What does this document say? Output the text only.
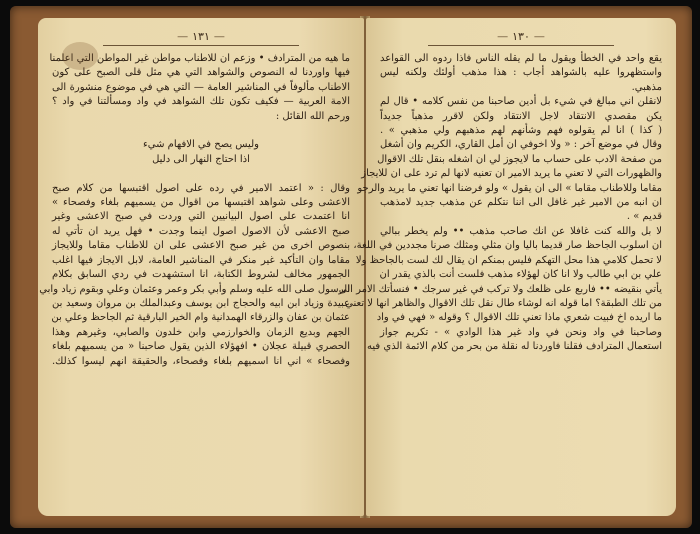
— ١٣١ —
ما هيه من المترادف • وزعم ان للاطناب مواطن غير المواطن التي اعلمنا
فيها واوردنا له النصوص والشواهد التي هي مثل قلى الصبح على كون
الاطناب مألوفاً في المناشير العامة — التي هي في موضوع منشورة الى
الامة العربية — فكيف تكون تلك الشواهد في واد ومسألتنا في واد ؟
ورحم الله القائل :

وليس يصح في الافهام شيء
اذا احتاج النهار الى دليل

وقال : « اعتمد الامير في رده على اصول اقتبسها من كلام صبح
الاعشى وعلى شواهد اقتبسها من اقوال من يسميهم بلغاء وفصحاء »
انا اعتمدت على اصول البيانيين التي وردت في صبح الاعشى وغير
صبح الاعشى لأن الاصول اصول اينما وجدت • فهل يريد ان تأتي له
بنصوص اخرى من غير صبح الاعشى على ان للاطناب مقاما وللايجاز
مقاما وان التأكيد غير منكر في المناشير العامة، لابل الايجاز فيها اغلب
الجمهور مخالف لشروط الكتابة، انا استشهدت في ردي السابق بكلام
الرسول صلى الله عليه وسلم وأبي بكر وعمر وعثمان وعلي وبقوم زياد وابي
عبيدة وزياد ابن ابيه والحجاج ابن يوسف وعبدالملك بن مروان وسعيد بن
عثمان بن عفان والزرقاء الهمدانية وام الخير البارقية ثم الجاحظ وعلي بن
الجهم وبديع الزمان والخوارزمي وابن خلدون والصابي، وغيرهم وهذا
الحصري قبيلة عجلان • افهؤلاء الذين يقول صاحبنا « من يسميهم بلغاء
وفصحاء » اني انا اسميهم بلغاء وفصحاء، والحقيقة انهم ليسوا كذلك.
— ١٣٠ —
يقع واحد في الخطأ ويقول ما لم يقله الناس فاذا ردوه الى القواعد
واستظهروا عليه بالشواهد أجاب : هذا مذهب أولئك ولكنه ليس
مذهبي.
لانقلن اني مبالغ في شيء بل أدين صاحبنا من نفس كلامه • قال لم
يكن مقصدي الانتقاد لاجل الانتقاد ولكن لاقرر مذهباً جديداً
( كذا ) انا لم يقولوه فهم وشأنهم لهم مذهبهم ولي مذهبي » .
وقال في موضع آخر : « ولا اخوفي ان أمل القاري، الكريم وان أشغل
من صفحة الادب على حساب ما لايجوز لي ان اشغله بنقل تلك الاقوال
والظهورات التي لا تعني ما يريد الامير ان تعنيه لانها لم ترد على ان للايجاز
مقاما وللاطناب مقاما » الى ان يقول » ولو فرضنا انها تعني ما يريد والرجو
ان انبه من الامير غير غافل الى اننا نتكلم عن مذهب جديد لامذهب
قديم » .
لا بل والله كنت غافلا عن انك صاحب مذهب •• ولم يخطر ببالي
ان اسلوب الجاحظ صار قديما باليا وان مثلي ومثلك صرنا مجددين في اللغة،
لا تحمل كلامي هذا محل التهكم فليس بمنكم ان يقال لك لست بالجاحظ ولا
علي بن ابي طالب ولا انا كان لهؤلاء مذهب فلست أنت بالذي يقدر ان
يأتي بنقيضه •• فاربع على ظلعك ولا تركب في غير سرجك • فنسأتك الامر الى
من تلك الطبقة؟ اما قوله انه لوشاء طال نقل تلك الاقوال والظاهر انها لا تعني
ما اريده اخ فبيت شعري ماذا تعني تلك الاقوال ؟ وقوله « فهي في واد
وصاحبنا في واد ونحن في واد غير هذا الوادي » - تكريم جواز
استعمال المترادف فقلنا فاوردنا له نقلة من بحر من كلام الائمة الذي فيه
